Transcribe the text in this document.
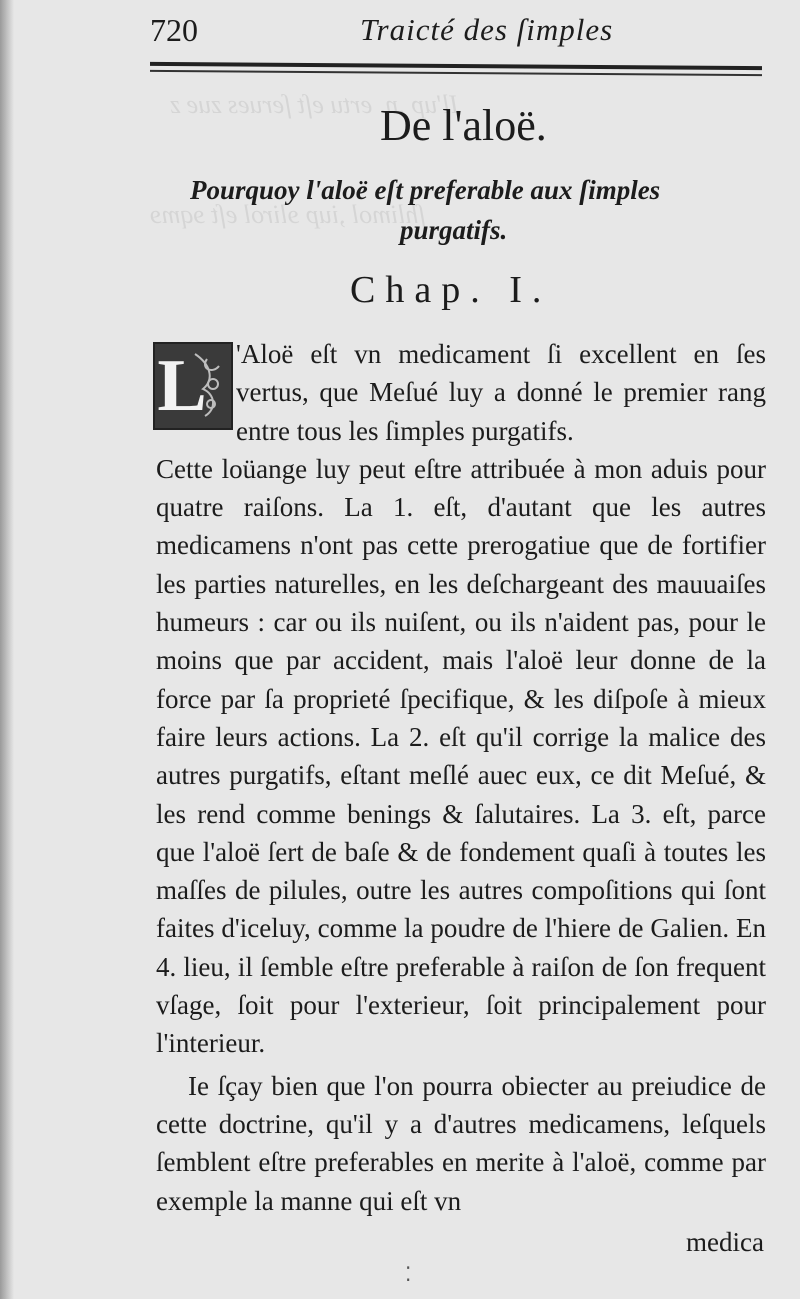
Il'up ,n. ertu eſt ſerues zue z
ſhlimol ,iup ɘlirol eſt ɘqmɘ
720	Traicté des ſimples
De l'aloë.
Pourquoy l'aloë eſt preferable aux ſimples
purgatifs.
Chap. I.
L	'Aloë eſt vn medicament ſi excellent en ſes vertus, que Meſué luy a donné le premier rang entre tous les ſimples purgatifs.
Cette loüange luy peut eſtre attribuée à mon aduis pour quatre raiſons. La 1. eſt, d'autant que les autres medicamens n'ont pas cette prerogatiue que de fortifier les parties naturelles, en les deſchargeant des mauuaiſes humeurs : car ou ils nuiſent, ou ils n'aident pas, pour le moins que par accident, mais l'aloë leur donne de la force par ſa proprieté ſpecifique, & les diſpoſe à mieux faire leurs actions. La 2. eſt qu'il corrige la malice des autres purgatifs, eſtant meſlé auec eux, ce dit Meſué, & les rend comme benings & ſalutaires. La 3. eſt, parce que l'aloë ſert de baſe & de fondement quaſi à toutes les maſſes de pilules, outre les autres compoſitions qui ſont faites d'iceluy, comme la poudre de l'hiere de Galien. En 4. lieu, il ſemble eſtre preferable à raiſon de ſon frequent vſage, ſoit pour l'exterieur, ſoit principalement pour l'interieur.
Ie ſçay bien que l'on pourra obiecter au preiudice de cette doctrine, qu'il y a d'autres medicamens, leſquels ſemblent eſtre preferables en merite à l'aloë, comme par exemple la manne qui eſt vn
medica
⁚
